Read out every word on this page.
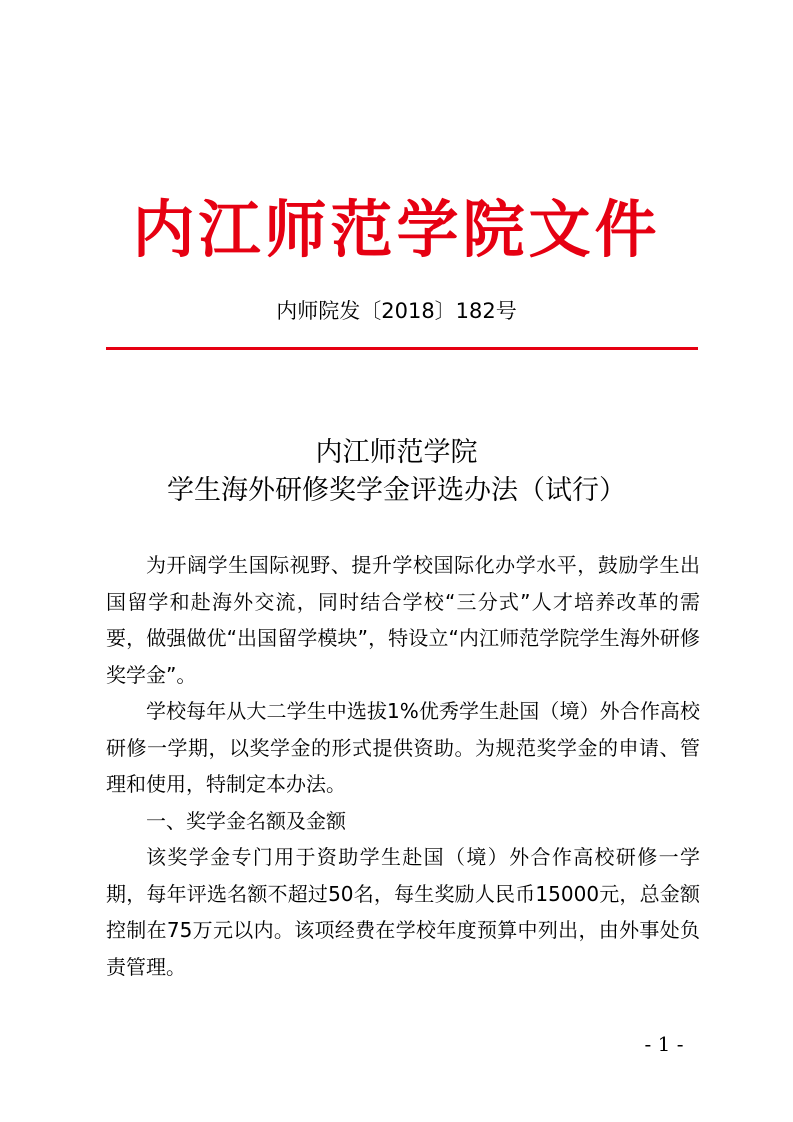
内江师范学院文件
内师院发〔2018〕182号
内江师范学院
学生海外研修奖学金评选办法（试行）

为开阔学生国际视野、提升学校国际化办学水平，鼓励学生出国留学和赴海外交流，同时结合学校“三分式”人才培养改革的需要，做强做优“出国留学模块”，特设立“内江师范学院学生海外研修奖学金”。

学校每年从大二学生中选拔1%优秀学生赴国（境）外合作高校研修一学期，以奖学金的形式提供资助。为规范奖学金的申请、管理和使用，特制定本办法。

一、奖学金名额及金额

该奖学金专门用于资助学生赴国（境）外合作高校研修一学期，每年评选名额不超过50名，每生奖励人民币15000元，总金额控制在75万元以内。该项经费在学校年度预算中列出，由外事处负责管理。

- 1 -
